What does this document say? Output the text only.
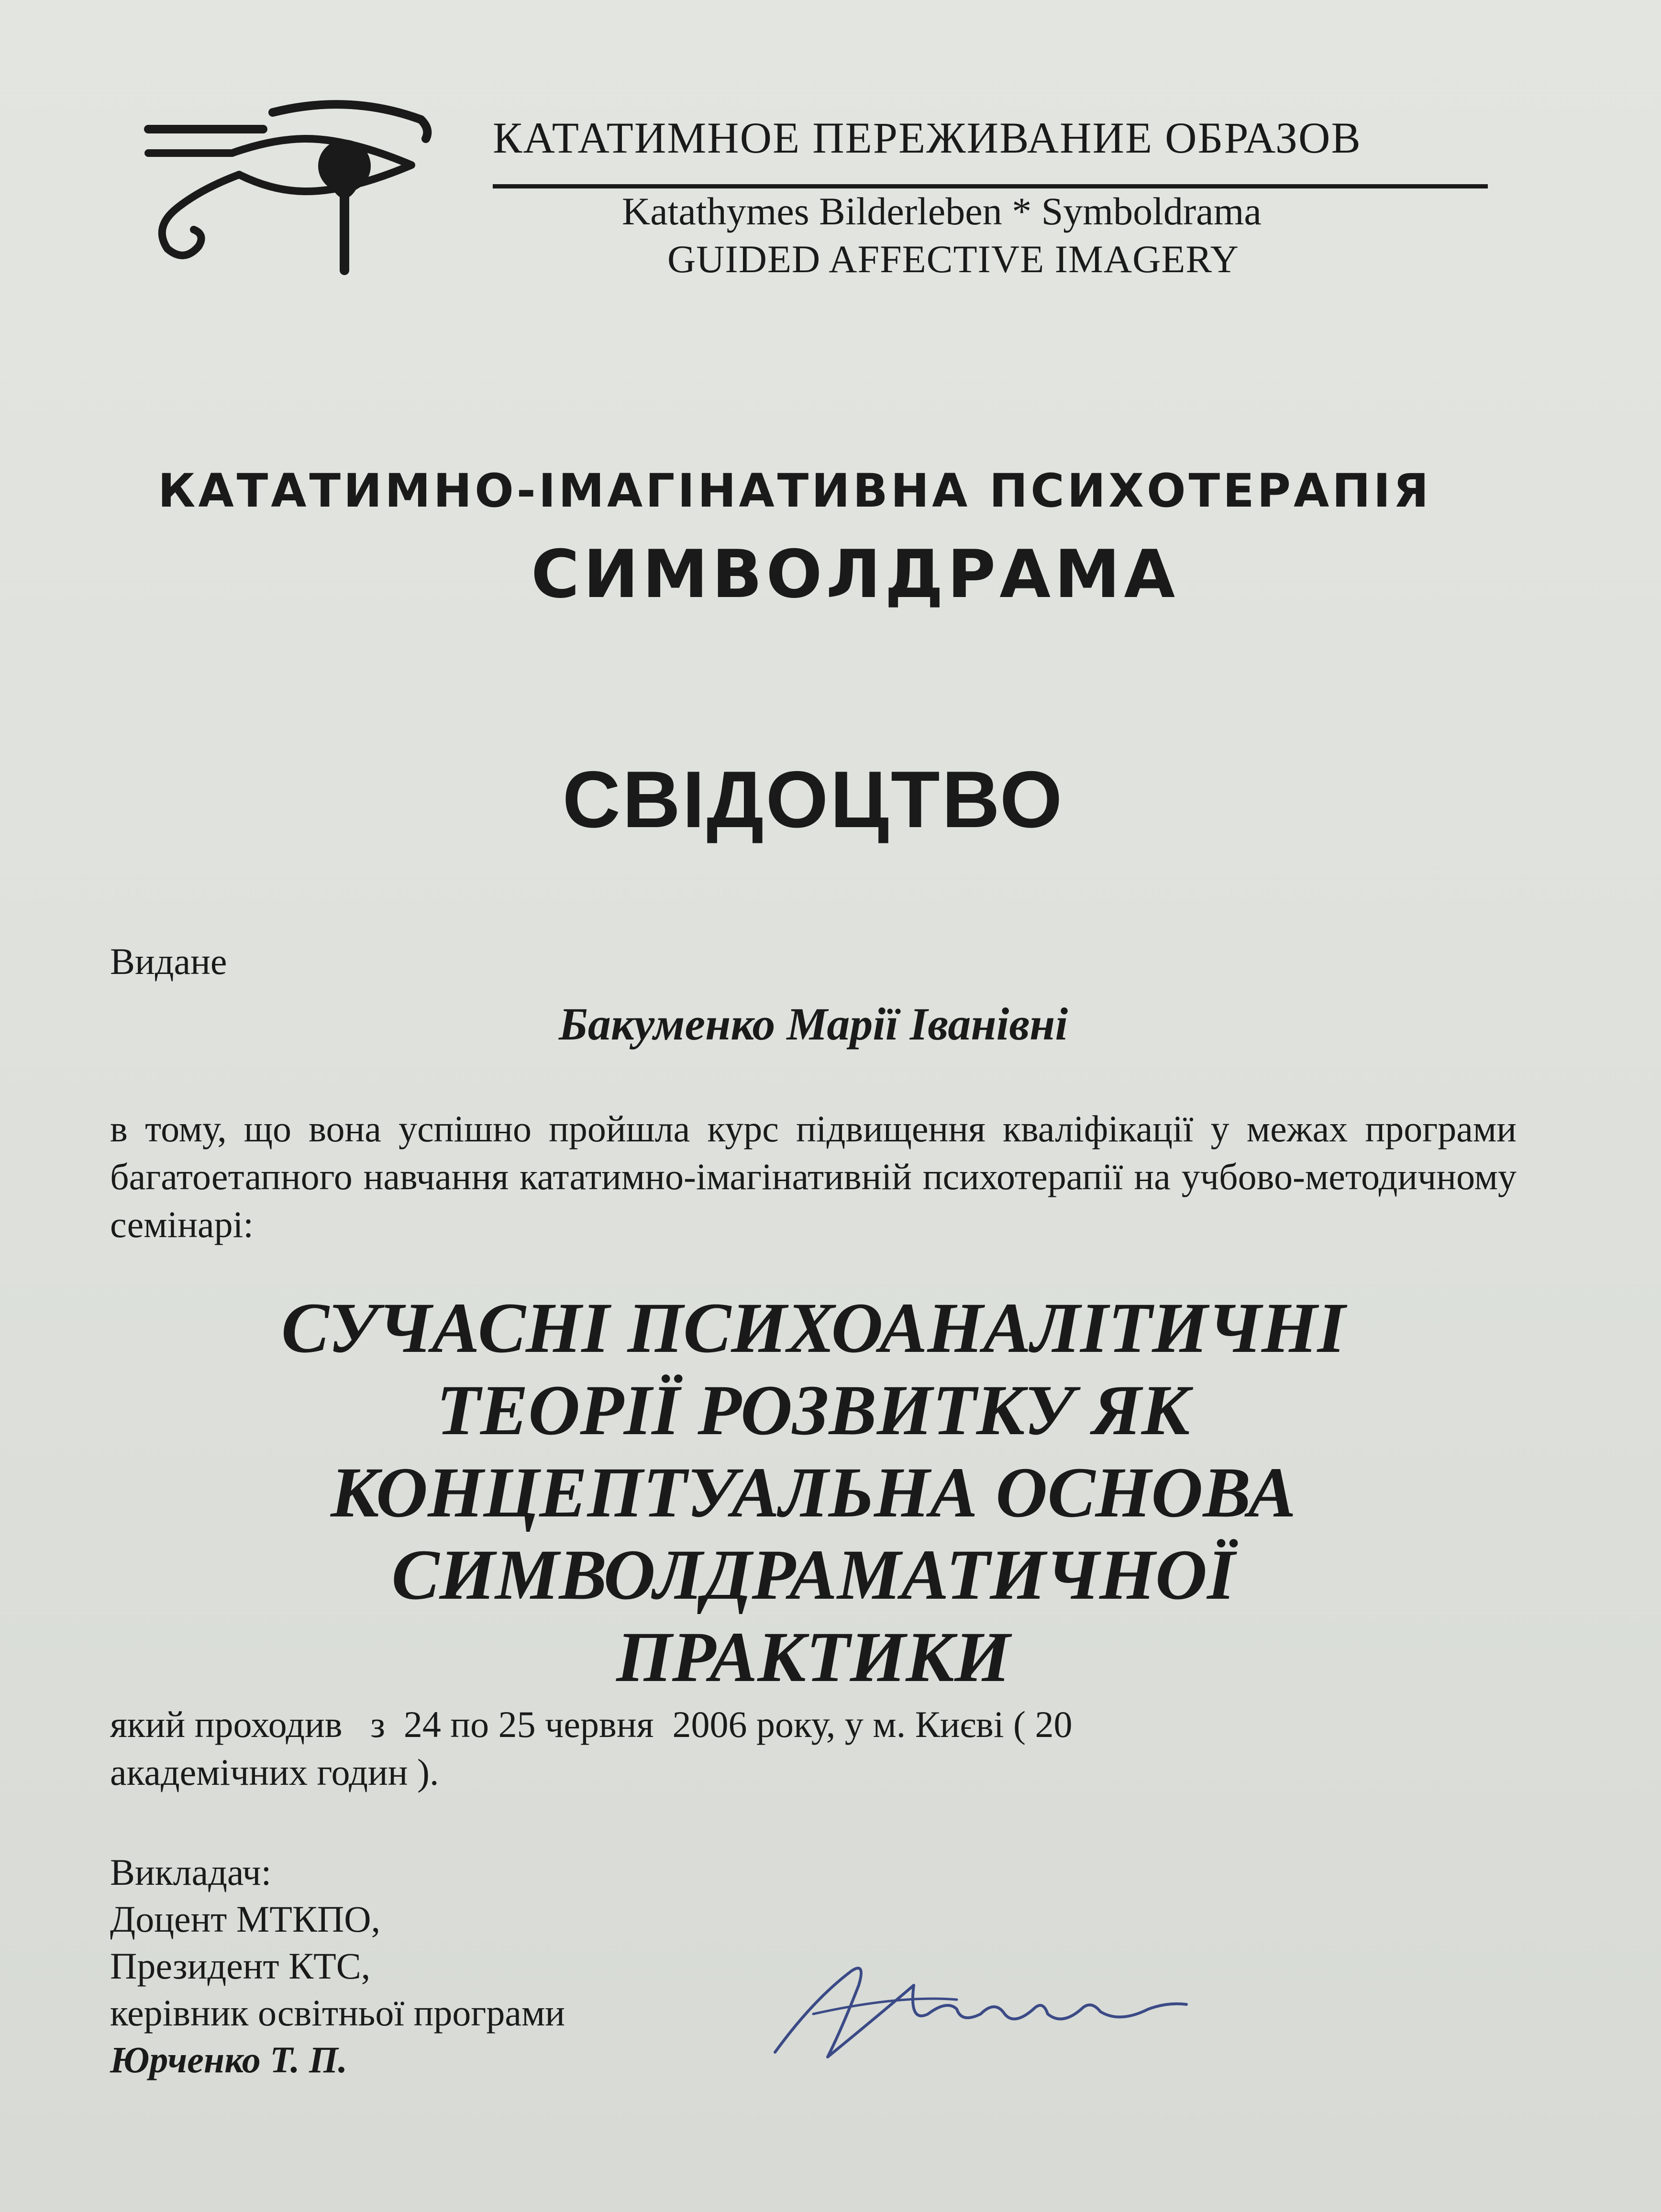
КАТАТИМНОЕ ПЕРЕЖИВАНИЕ ОБРАЗОВ
Katathymes Bilderleben * Symboldrama
GUIDED AFFECTIVE IMAGERY
КАТАТИМНО-ІМАГІНАТИВНА ПСИХОТЕРАПІЯ
СИМВОЛДРАМА
СВІДОЦТВО
Видане
Бакуменко Марії Іванівні
в тому, що вона успішно пройшла курс підвищення кваліфікації у межах програми багатоетапного навчання кататимно-імагінативній психотерапії на учбово-методичному семінарі:
СУЧАСНІ ПСИХОАНАЛІТИЧНІ
ТЕОРІЇ РОЗВИТКУ ЯК
КОНЦЕПТУАЛЬНА ОСНОВА
СИМВОЛДРАМАТИЧНОЇ
ПРАКТИКИ
який проходив   з  24 по 25 червня  2006 року, у м. Києві ( 20
академічних годин ).
Викладач:
Доцент МТКПО,
Президент КТС,
керівник освітньої програми
Юрченко Т. П.
